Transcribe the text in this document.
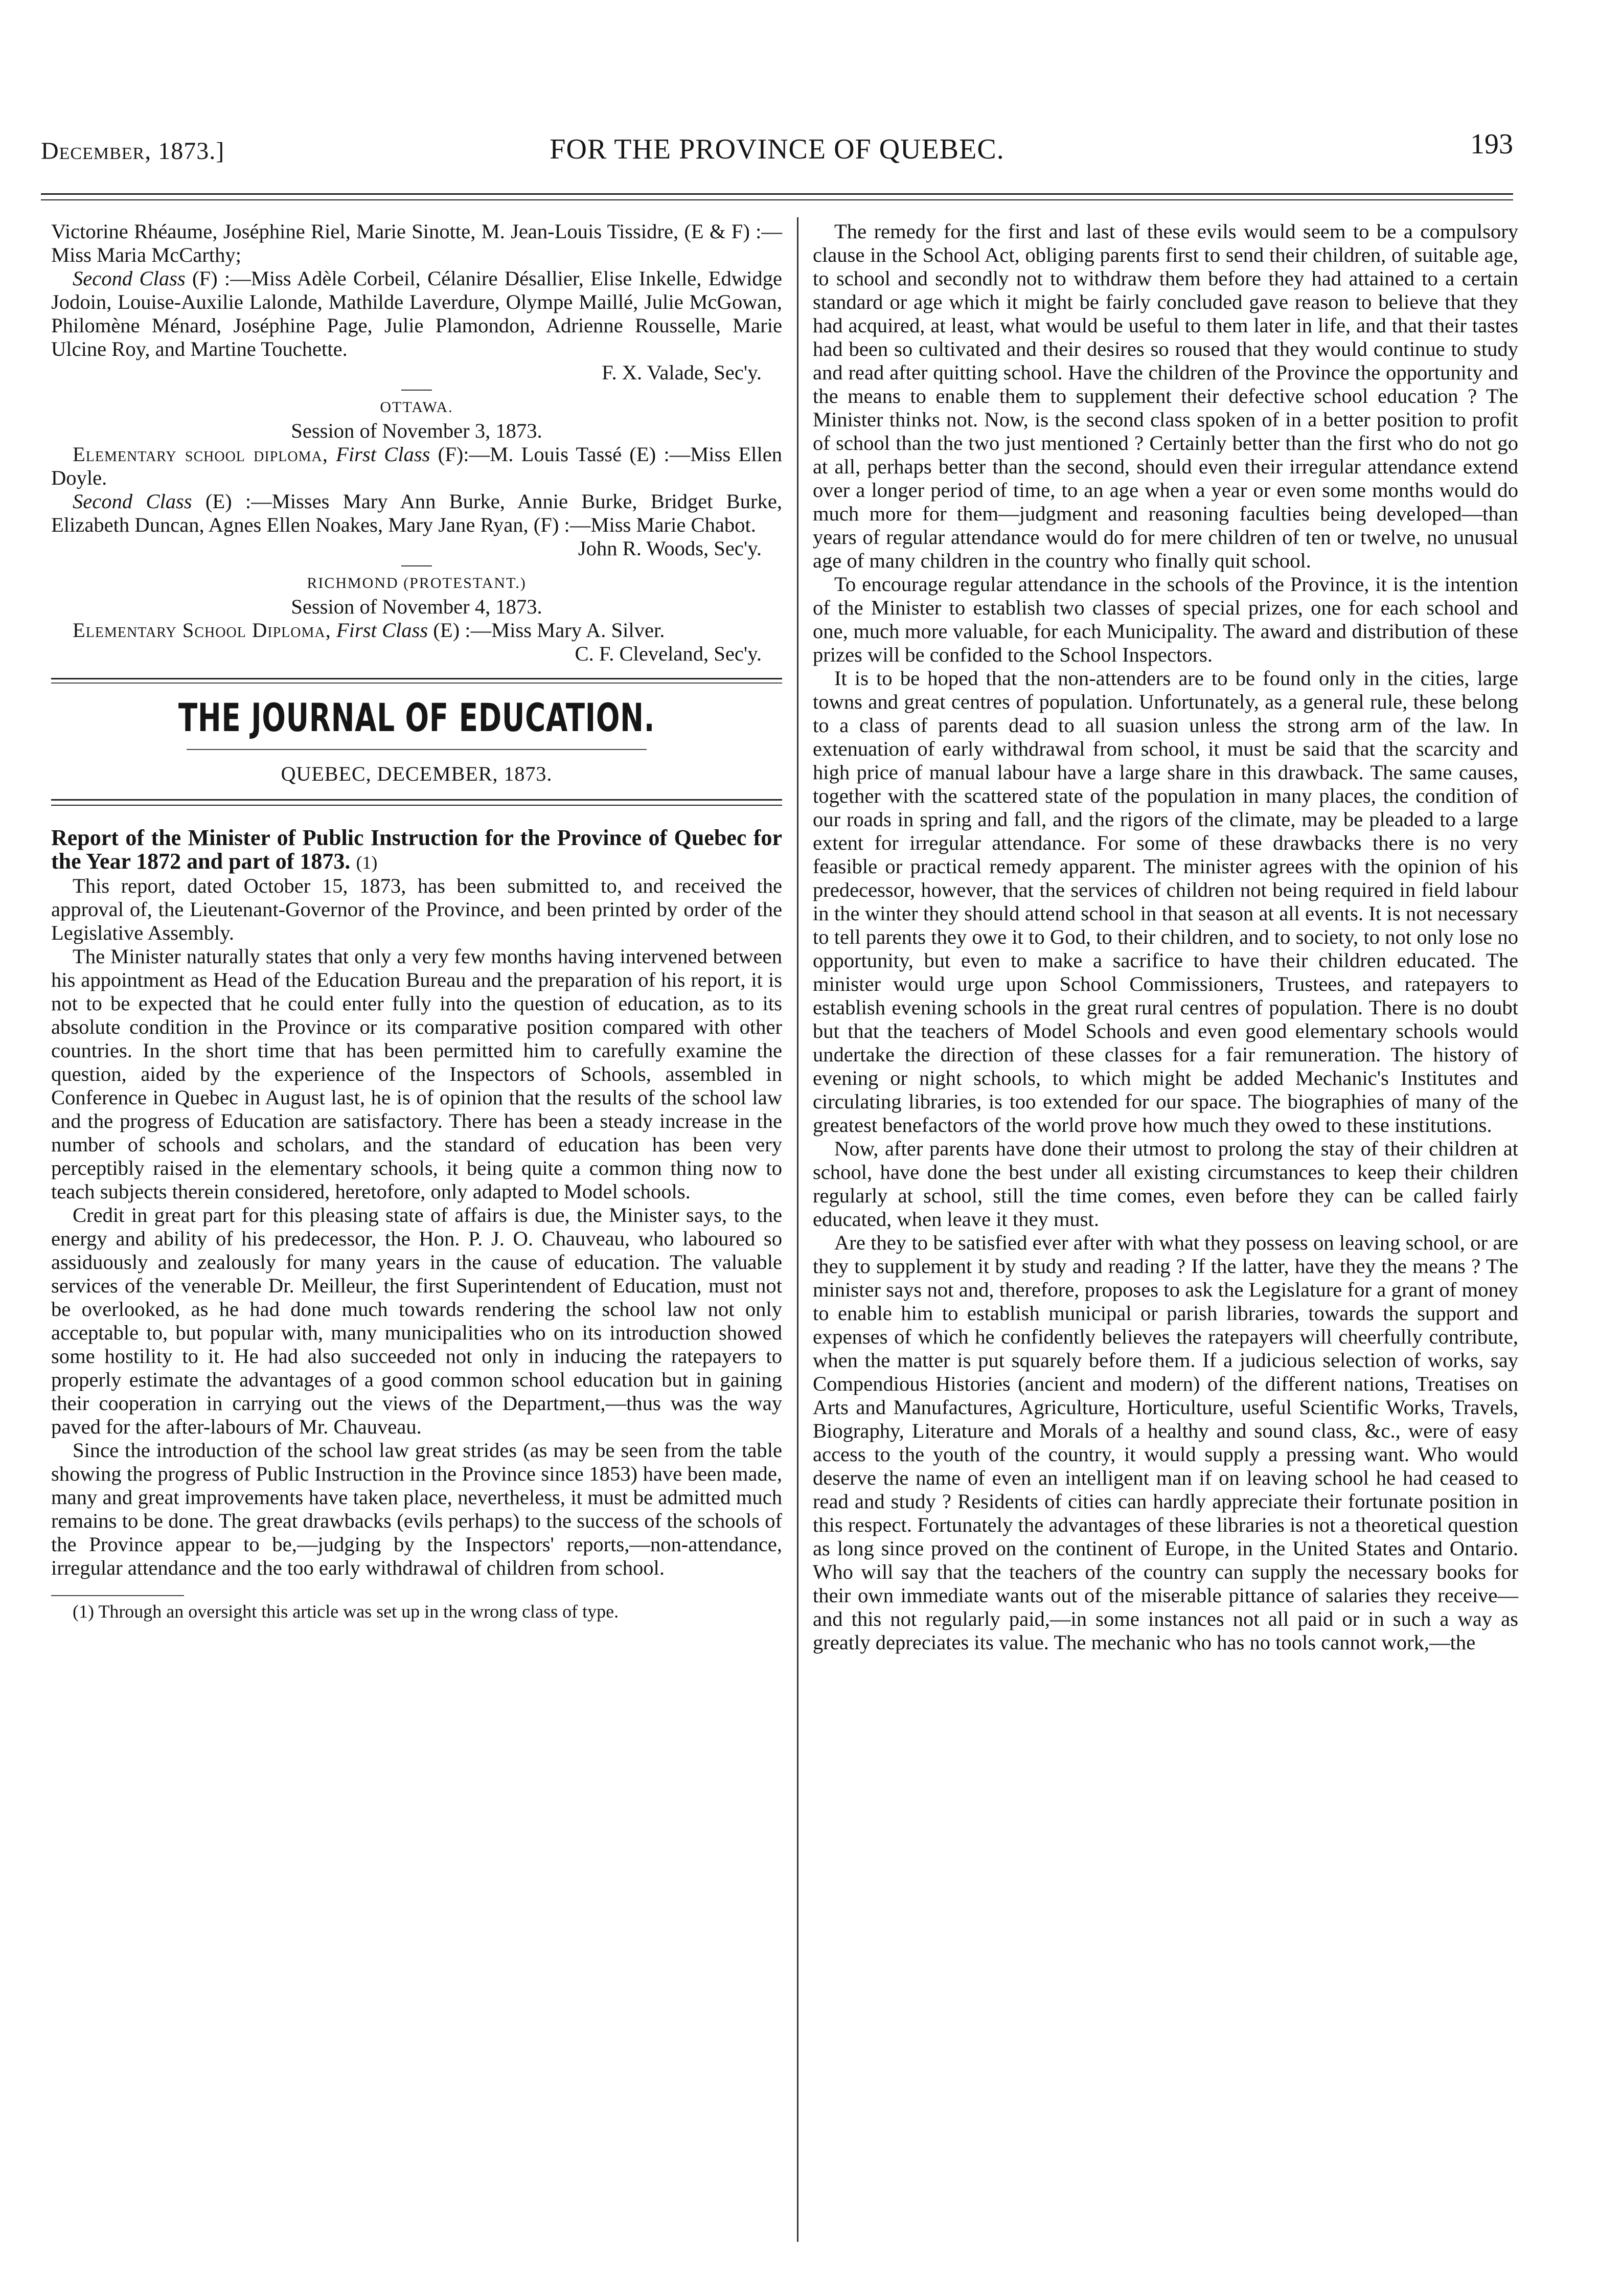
December, 1873.]	FOR THE PROVINCE OF QUEBEC.	193

Victorine Rhéaume, Joséphine Riel, Marie Sinotte, M. Jean-Louis Tissidre, (E & F) :—Miss Maria McCarthy;

Second Class (F) :—Miss Adèle Corbeil, Célanire Désallier, Elise Inkelle, Edwidge Jodoin, Louise-Auxilie Lalonde, Mathilde Laverdure, Olympe Maillé, Julie McGowan, Philomène Ménard, Joséphine Page, Julie Plamondon, Adrienne Rousselle, Marie Ulcine Roy, and Martine Touchette.

F. X. Valade, Sec'y.

OTTAWA.

Session of November 3, 1873.

Elementary school diploma, First Class (F):—M. Louis Tassé (E) :—Miss Ellen Doyle.

Second Class (E) :—Misses Mary Ann Burke, Annie Burke, Bridget Burke, Elizabeth Duncan, Agnes Ellen Noakes, Mary Jane Ryan, (F) :—Miss Marie Chabot.

John R. Woods, Sec'y.

RICHMOND (PROTESTANT.)

Session of November 4, 1873.

Elementary School Diploma, First Class (E) :—Miss Mary A. Silver.

C. F. Cleveland, Sec'y.

THE JOURNAL OF EDUCATION.
QUEBEC, DECEMBER, 1873.

Report of the Minister of Public Instruction for the Province of Quebec for the Year 1872 and part of 1873. (1)

This report, dated October 15, 1873, has been submitted to, and received the approval of, the Lieutenant-Governor of the Province, and been printed by order of the Legislative Assembly.

The Minister naturally states that only a very few months having intervened between his appointment as Head of the Education Bureau and the preparation of his report, it is not to be expected that he could enter fully into the question of education, as to its absolute condition in the Province or its comparative position compared with other countries. In the short time that has been permitted him to carefully examine the question, aided by the experience of the Inspectors of Schools, assembled in Conference in Quebec in August last, he is of opinion that the results of the school law and the progress of Education are satisfactory. There has been a steady increase in the number of schools and scholars, and the standard of education has been very perceptibly raised in the elementary schools, it being quite a common thing now to teach subjects therein considered, heretofore, only adapted to Model schools.

Credit in great part for this pleasing state of affairs is due, the Minister says, to the energy and ability of his predecessor, the Hon. P. J. O. Chauveau, who laboured so assiduously and zealously for many years in the cause of education. The valuable services of the venerable Dr. Meilleur, the first Superintendent of Education, must not be overlooked, as he had done much towards rendering the school law not only acceptable to, but popular with, many municipalities who on its introduction showed some hostility to it. He had also succeeded not only in inducing the ratepayers to properly estimate the advantages of a good common school education but in gaining their cooperation in carrying out the views of the Department,—thus was the way paved for the after-labours of Mr. Chauveau.

Since the introduction of the school law great strides (as may be seen from the table showing the progress of Public Instruction in the Province since 1853) have been made, many and great improvements have taken place, nevertheless, it must be admitted much remains to be done. The great drawbacks (evils perhaps) to the success of the schools of the Province appear to be,—judging by the Inspectors' reports,—non-attendance, irregular attendance and the too early withdrawal of children from school.

(1) Through an oversight this article was set up in the wrong class of type.

The remedy for the first and last of these evils would seem to be a compulsory clause in the School Act, obliging parents first to send their children, of suitable age, to school and secondly not to withdraw them before they had attained to a certain standard or age which it might be fairly concluded gave reason to believe that they had acquired, at least, what would be useful to them later in life, and that their tastes had been so cultivated and their desires so roused that they would continue to study and read after quitting school. Have the children of the Province the opportunity and the means to enable them to supplement their defective school education ? The Minister thinks not. Now, is the second class spoken of in a better position to profit of school than the two just mentioned ? Certainly better than the first who do not go at all, perhaps better than the second, should even their irregular attendance extend over a longer period of time, to an age when a year or even some months would do much more for them—judgment and reasoning faculties being developed—than years of regular attendance would do for mere children of ten or twelve, no unusual age of many children in the country who finally quit school.

To encourage regular attendance in the schools of the Province, it is the intention of the Minister to establish two classes of special prizes, one for each school and one, much more valuable, for each Municipality. The award and distribution of these prizes will be confided to the School Inspectors.

It is to be hoped that the non-attenders are to be found only in the cities, large towns and great centres of population. Unfortunately, as a general rule, these belong to a class of parents dead to all suasion unless the strong arm of the law. In extenuation of early withdrawal from school, it must be said that the scarcity and high price of manual labour have a large share in this drawback. The same causes, together with the scattered state of the population in many places, the condition of our roads in spring and fall, and the rigors of the climate, may be pleaded to a large extent for irregular attendance. For some of these drawbacks there is no very feasible or practical remedy apparent. The minister agrees with the opinion of his predecessor, however, that the services of children not being required in field labour in the winter they should attend school in that season at all events. It is not necessary to tell parents they owe it to God, to their children, and to society, to not only lose no opportunity, but even to make a sacrifice to have their children educated. The minister would urge upon School Commissioners, Trustees, and ratepayers to establish evening schools in the great rural centres of population. There is no doubt but that the teachers of Model Schools and even good elementary schools would undertake the direction of these classes for a fair remuneration. The history of evening or night schools, to which might be added Mechanic's Institutes and circulating libraries, is too extended for our space. The biographies of many of the greatest benefactors of the world prove how much they owed to these institutions.

Now, after parents have done their utmost to prolong the stay of their children at school, have done the best under all existing circumstances to keep their children regularly at school, still the time comes, even before they can be called fairly educated, when leave it they must.

Are they to be satisfied ever after with what they possess on leaving school, or are they to supplement it by study and reading ? If the latter, have they the means ? The minister says not and, therefore, proposes to ask the Legislature for a grant of money to enable him to establish municipal or parish libraries, towards the support and expenses of which he confidently believes the ratepayers will cheerfully contribute, when the matter is put squarely before them. If a judicious selection of works, say Compendious Histories (ancient and modern) of the different nations, Treatises on Arts and Manufactures, Agriculture, Horticulture, useful Scientific Works, Travels, Biography, Literature and Morals of a healthy and sound class, &c., were of easy access to the youth of the country, it would supply a pressing want. Who would deserve the name of even an intelligent man if on leaving school he had ceased to read and study ? Residents of cities can hardly appreciate their fortunate position in this respect. Fortunately the advantages of these libraries is not a theoretical question as long since proved on the continent of Europe, in the United States and Ontario. Who will say that the teachers of the country can supply the necessary books for their own immediate wants out of the miserable pittance of salaries they receive—and this not regularly paid,—in some instances not all paid or in such a way as greatly depreciates its value. The mechanic who has no tools cannot work,—the
